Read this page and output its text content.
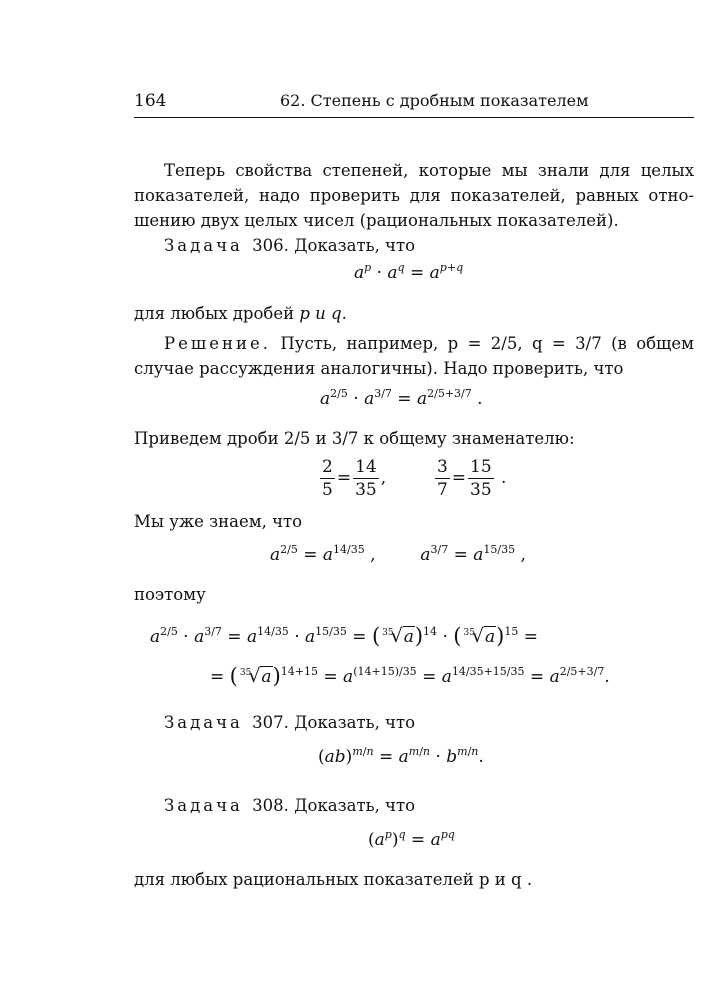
164	62. Степень с дробным показателем
Теперь свойства степеней, которые мы знали для целых
показателей, надо проверить для показателей, равных отно-
шению двух целых чисел (рациональных показателей).
Задача 306. Доказать, что
$a^p \cdot a^q = a^{p+q}$
для любых дробей p и q.
Решение. Пусть, например, p = 2/5, q = 3/7 (в общем
случае рассуждения аналогичны). Надо проверить, что
$a^{2/5} \cdot a^{3/7} = a^{2/5+3/7}$ .
Приведем дроби 2/5 и 3/7 к общему знаменателю:
$\frac{2}{5} = \frac{14}{35}$ ,	$\frac{3}{7} = \frac{15}{35}$ .
Мы уже знаем, что
$a^{2/5} = a^{14/35}$ ,  $a^{3/7} = a^{15/35}$ ,
поэтому
$a^{2/5} \cdot a^{3/7} = a^{14/35} \cdot a^{15/35}$ = ( $^{35}$√a)$^{14}$ · ( $^{35}$√a)$^{15}$ =
= ( $^{35}√a)^{14+15} = a^{(14+15)/35} = a^{14/35+15/35} = a^{2/5+3/7}$.
Задача 307. Доказать, что
$(ab)^{m/n} = a^{m/n} \cdot b^{m/n}$.
Задача 308. Доказать, что
$(a^p)^q = a^{pq}$
для любых рациональных показателей p и q .
